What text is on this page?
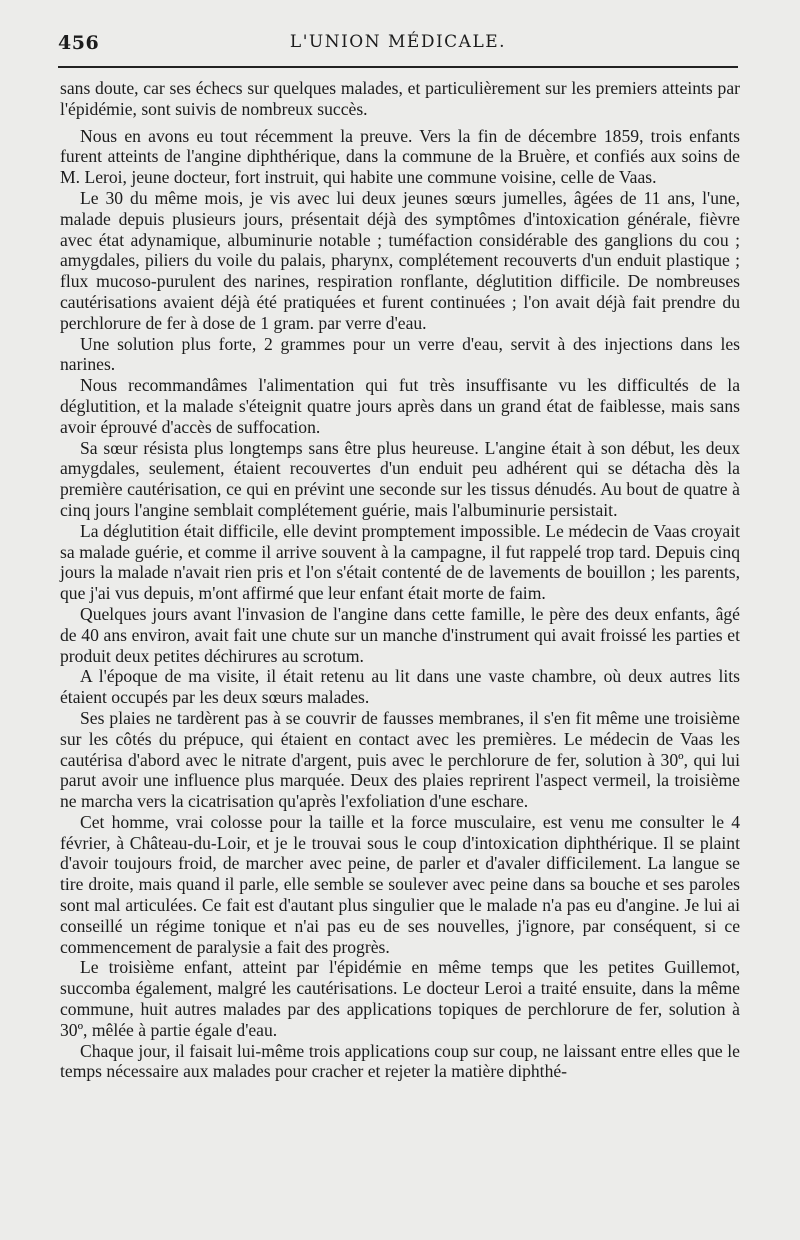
456	L'UNION MÉDICALE.

sans doute, car ses échecs sur quelques malades, et particulièrement sur les premiers atteints par l'épidémie, sont suivis de nombreux succès.

Nous en avons eu tout récemment la preuve. Vers la fin de décembre 1859, trois enfants furent atteints de l'angine diphthérique, dans la commune de la Bruère, et confiés aux soins de M. Leroi, jeune docteur, fort instruit, qui habite une commune voisine, celle de Vaas.

Le 30 du même mois, je vis avec lui deux jeunes sœurs jumelles, âgées de 11 ans, l'une, malade depuis plusieurs jours, présentait déjà des symptômes d'intoxication générale, fièvre avec état adynamique, albuminurie notable ; tuméfaction considérable des ganglions du cou ; amygdales, piliers du voile du palais, pharynx, complétement recouverts d'un enduit plastique ; flux mucoso-purulent des narines, respiration ronflante, déglutition difficile. De nombreuses cautérisations avaient déjà été pratiquées et furent continuées ; l'on avait déjà fait prendre du perchlorure de fer à dose de 1 gram. par verre d'eau.

Une solution plus forte, 2 grammes pour un verre d'eau, servit à des injections dans les narines.

Nous recommandâmes l'alimentation qui fut très insuffisante vu les difficultés de la déglutition, et la malade s'éteignit quatre jours après dans un grand état de faiblesse, mais sans avoir éprouvé d'accès de suffocation.

Sa sœur résista plus longtemps sans être plus heureuse. L'angine était à son début, les deux amygdales, seulement, étaient recouvertes d'un enduit peu adhérent qui se détacha dès la première cautérisation, ce qui en prévint une seconde sur les tissus dénudés. Au bout de quatre à cinq jours l'angine semblait complétement guérie, mais l'albuminurie persistait.

La déglutition était difficile, elle devint promptement impossible. Le médecin de Vaas croyait sa malade guérie, et comme il arrive souvent à la campagne, il fut rappelé trop tard. Depuis cinq jours la malade n'avait rien pris et l'on s'était contenté de de lavements de bouillon ; les parents, que j'ai vus depuis, m'ont affirmé que leur enfant était morte de faim.

Quelques jours avant l'invasion de l'angine dans cette famille, le père des deux enfants, âgé de 40 ans environ, avait fait une chute sur un manche d'instrument qui avait froissé les parties et produit deux petites déchirures au scrotum.

A l'époque de ma visite, il était retenu au lit dans une vaste chambre, où deux autres lits étaient occupés par les deux sœurs malades.

Ses plaies ne tardèrent pas à se couvrir de fausses membranes, il s'en fit même une troisième sur les côtés du prépuce, qui étaient en contact avec les premières. Le médecin de Vaas les cautérisa d'abord avec le nitrate d'argent, puis avec le perchlorure de fer, solution à 30º, qui lui parut avoir une influence plus marquée. Deux des plaies reprirent l'aspect vermeil, la troisième ne marcha vers la cicatrisation qu'après l'exfoliation d'une eschare.

Cet homme, vrai colosse pour la taille et la force musculaire, est venu me consulter le 4 février, à Château-du-Loir, et je le trouvai sous le coup d'intoxication diphthérique. Il se plaint d'avoir toujours froid, de marcher avec peine, de parler et d'avaler difficilement. La langue se tire droite, mais quand il parle, elle semble se soulever avec peine dans sa bouche et ses paroles sont mal articulées. Ce fait est d'autant plus singulier que le malade n'a pas eu d'angine. Je lui ai conseillé un régime tonique et n'ai pas eu de ses nouvelles, j'ignore, par conséquent, si ce commencement de paralysie a fait des progrès.

Le troisième enfant, atteint par l'épidémie en même temps que les petites Guillemot, succomba également, malgré les cautérisations. Le docteur Leroi a traité ensuite, dans la même commune, huit autres malades par des applications topiques de perchlorure de fer, solution à 30º, mêlée à partie égale d'eau.

Chaque jour, il faisait lui-même trois applications coup sur coup, ne laissant entre elles que le temps nécessaire aux malades pour cracher et rejeter la matière diphthé-
